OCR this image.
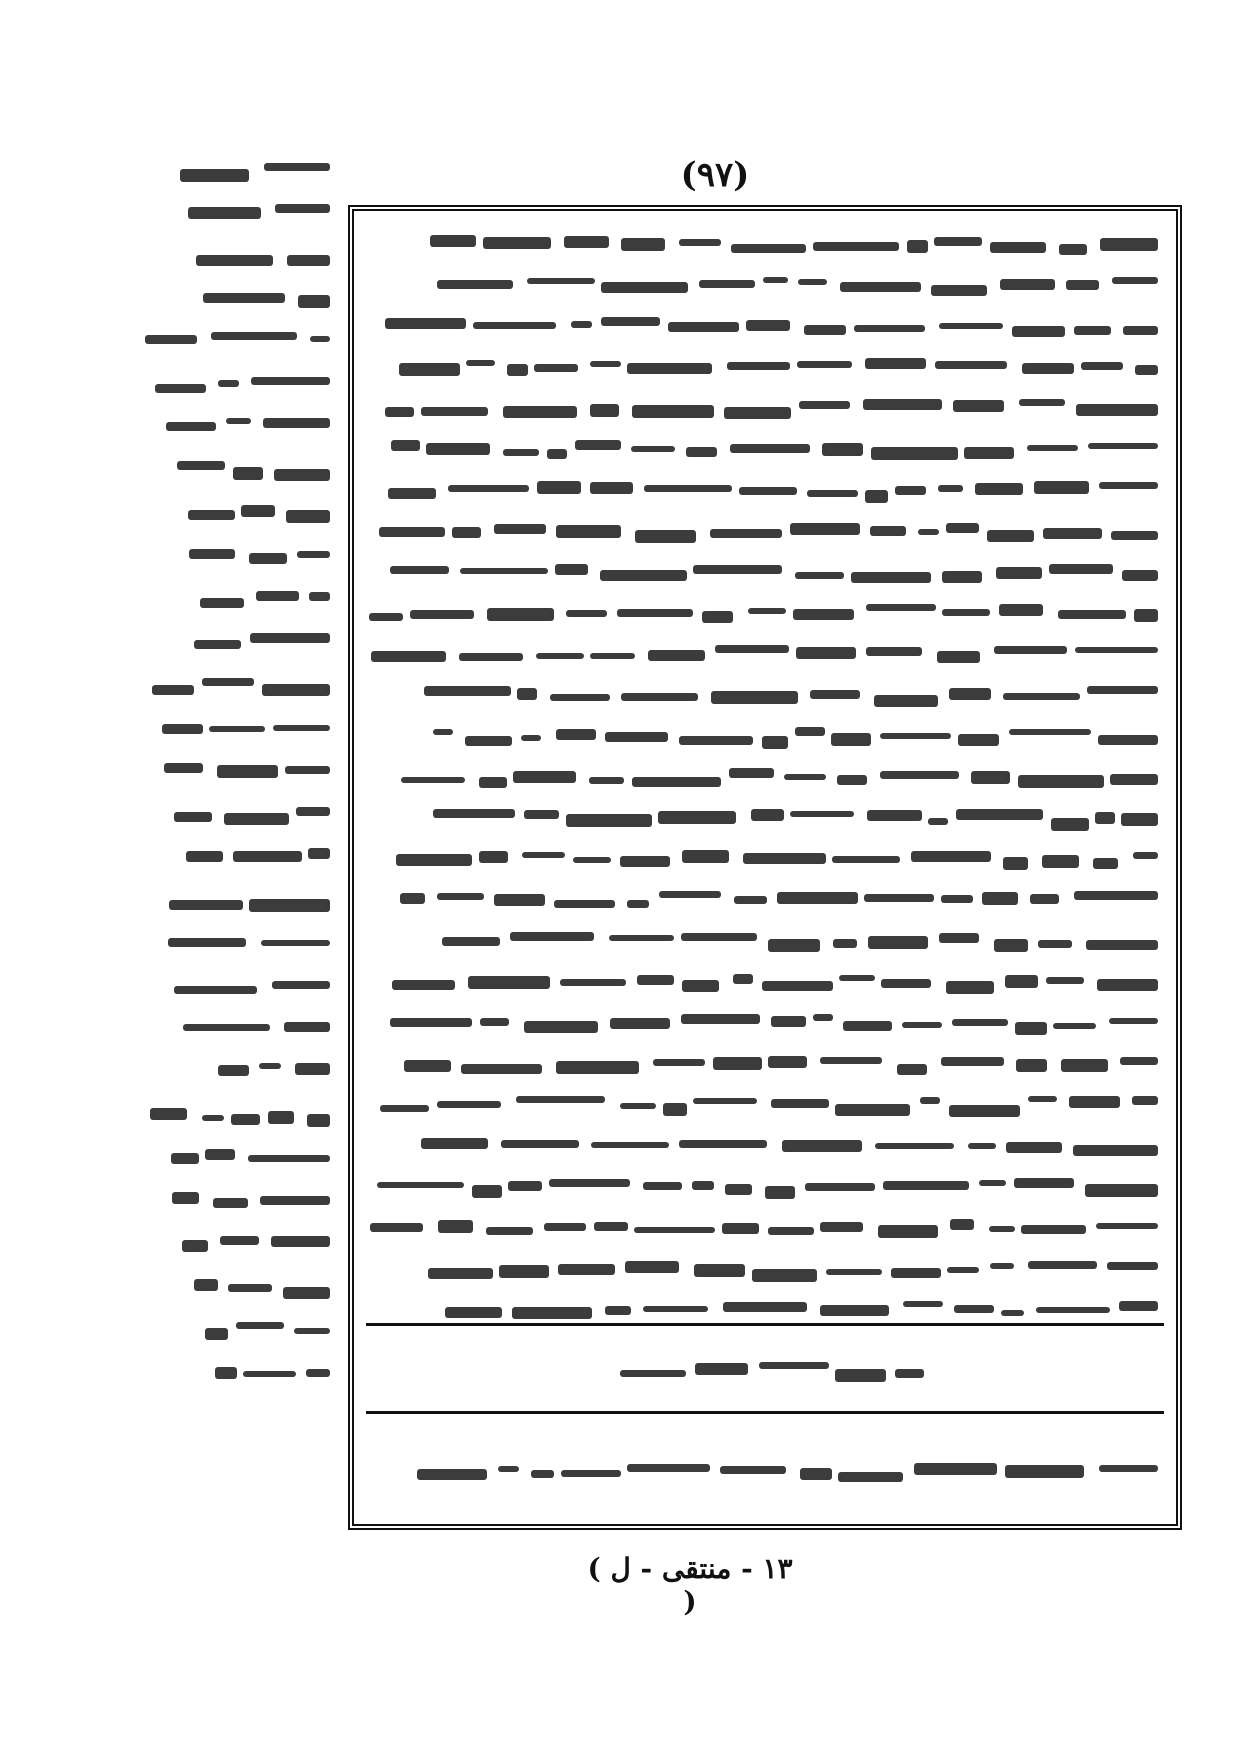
(٩٧)
( ١٣ - منتقى - ل )
